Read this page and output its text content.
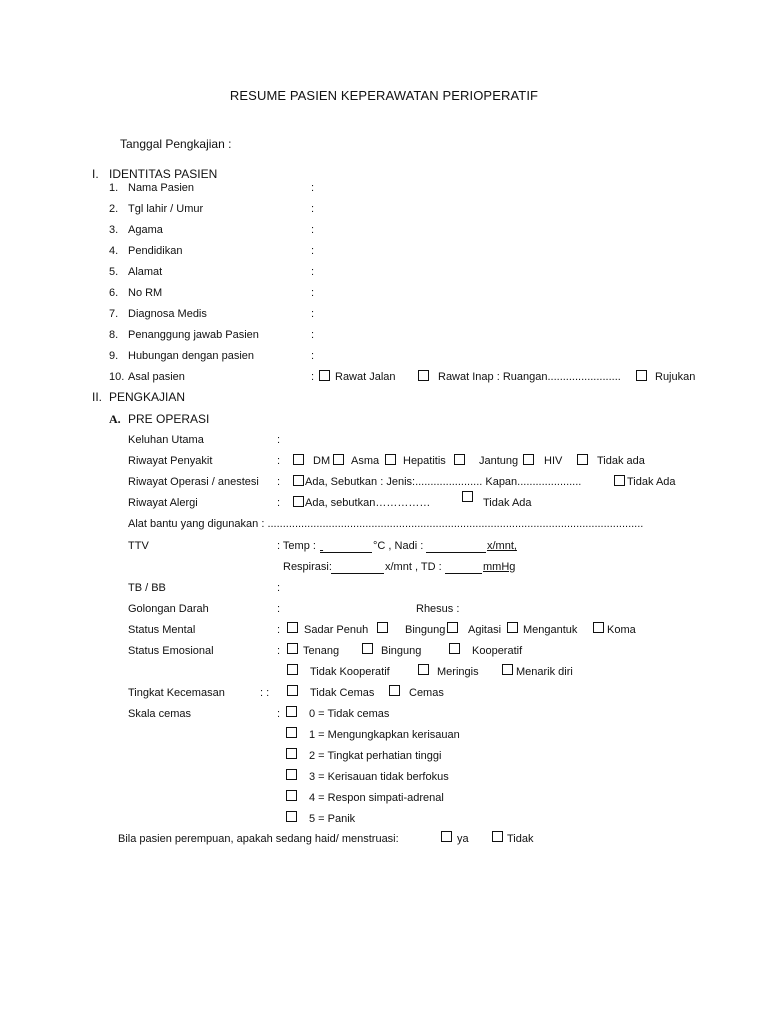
RESUME PASIEN KEPERAWATAN PERIOPERATIF
Tanggal Pengkajian :
I. IDENTITAS PASIEN
1. Nama Pasien	:
2. Tgl lahir / Umur	:
3. Agama	:
4. Pendidikan	:
5. Alamat	:
6. No RM	:
7. Diagnosa Medis	:
8. Penanggung jawab Pasien	:
9. Hubungan dengan pasien	:
10. Asal pasien	: Rawat Jalan	Rawat Inap : Ruangan........................	Rujukan
II. PENGKAJIAN
A. PRE OPERASI
Keluhan Utama	:
Riwayat Penyakit	:	DM Asma Hepatitis	Jantung HIV	Tidak ada
Riwayat Operasi / anestesi : Ada, Sebutkan : Jenis:...................... Kapan.....................	Tidak Ada
Riwayat Alergi	: Ada, sebutkan……………	Tidak Ada
Alat bantu yang digunakan : ...........................................................................................................................
TTV	: Temp :
	°C , Nadi :	x/mnt,
Respirasi:	x/mnt , TD :	mmHg
TB / BB	:
Golongan Darah	:	Rhesus :
Status Mental	: Sadar Penuh	Bingung Agitasi Mengantuk	Koma
Status Emosional	: Tenang	Bingung	Kooperatif
Tidak Kooperatif	Meringis	Menarik diri
Tingkat Kecemasan	: :	Tidak Cemas	Cemas
Skala cemas	:	0 = Tidak cemas
1 = Mengungkapkan kerisauan
2 = Tingkat perhatian tinggi
3 = Kerisauan tidak berfokus
4 = Respon simpati-adrenal
5 = Panik
Bila pasien perempuan, apakah sedang haid/ menstruasi:	ya	Tidak
